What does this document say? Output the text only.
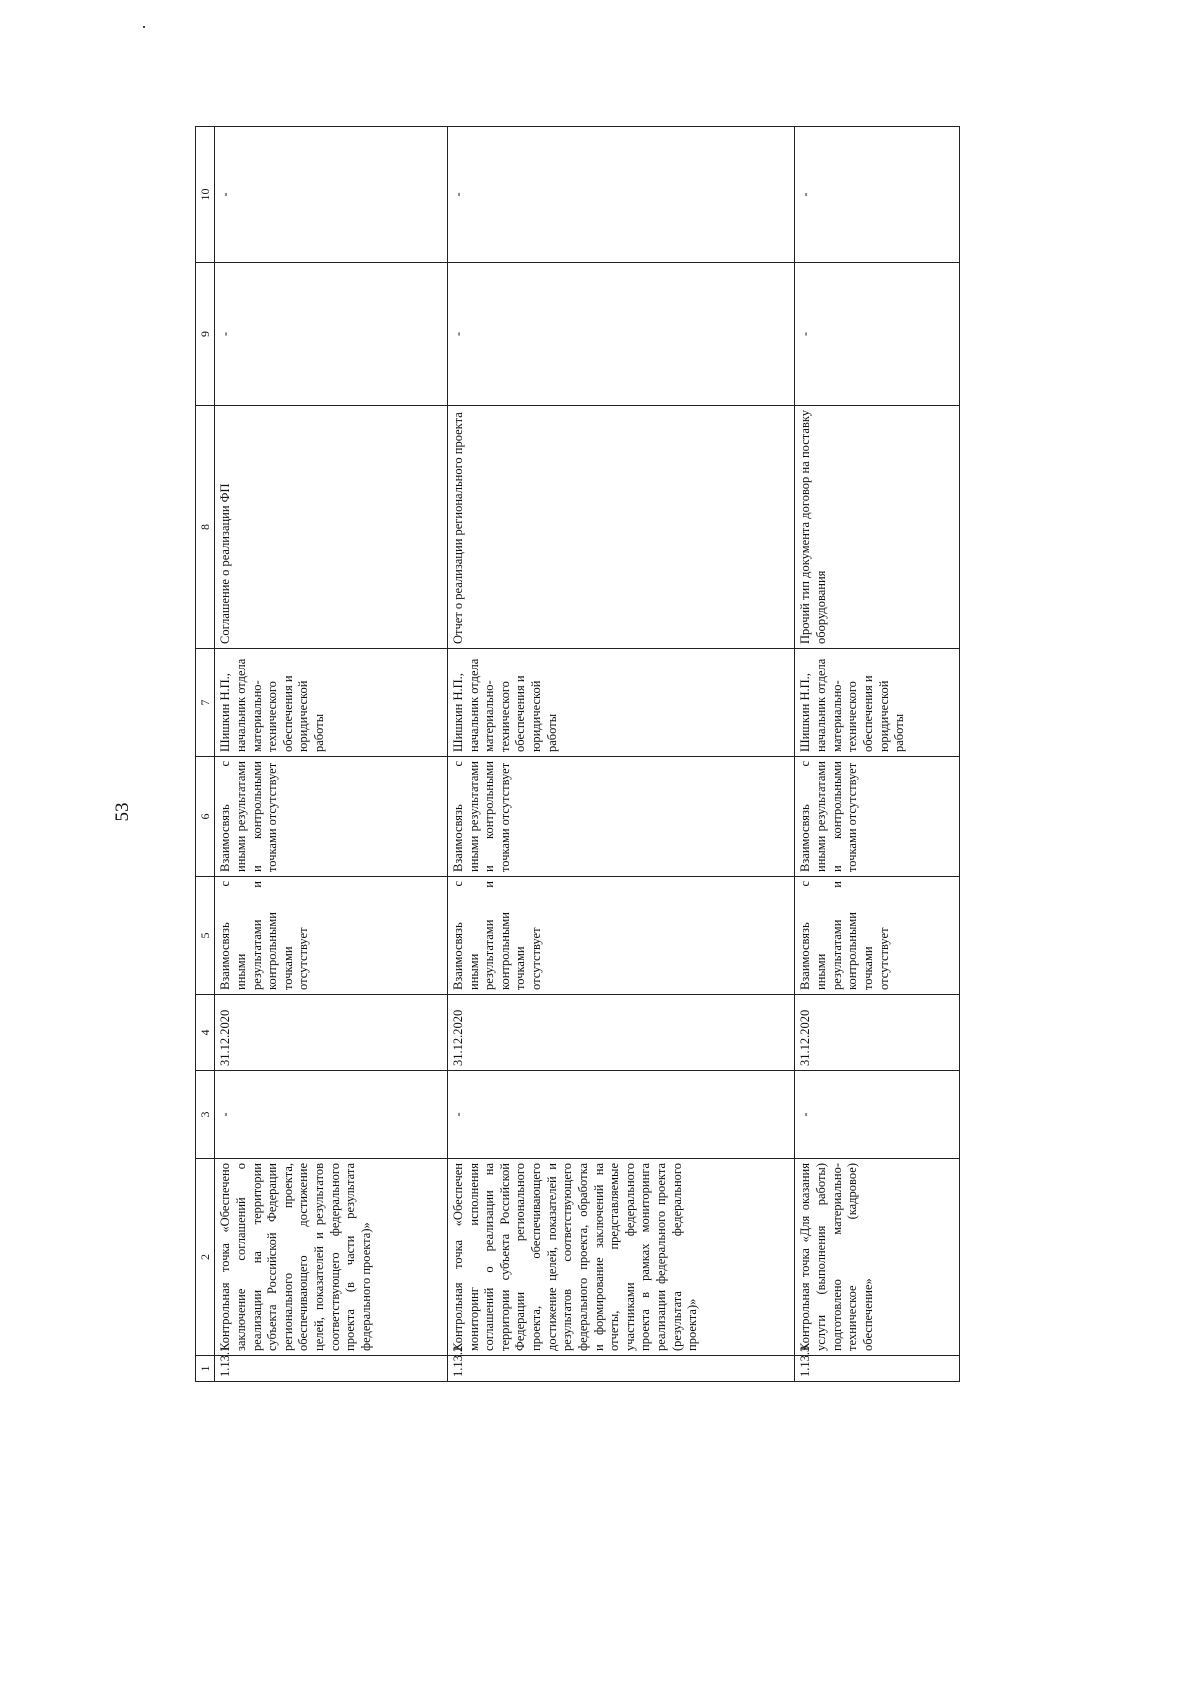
53
1	2	3	4	5	6	7	8	9	10
1.13.1	Контрольная точка «Обеспечено заключение соглашений о реализации на территории субъекта Российской Федерации регионального проекта, обеспечивающего достижение целей, показателей и результатов соответствующего федерального проекта (в части результата федерального проекта)»	-	31.12.2020	Взаимосвязь с иными результатами и контрольными точками отсутствует	Взаимосвязь с иными результатами и контрольными точками отсутствует	Шишкин Н.П., начальник отдела материально-технического обеспечения и юридической работы	Соглашение о реализации ФП	-	-
1.13.2	Контрольная точка «Обеспечен мониторинг исполнения соглашений о реализации на территории субъекта Российской Федерации регионального проекта, обеспечивающего достижение целей, показателей и результатов соответствующего федерального проекта, обработка и формирование заключений на отчеты, представляемые участниками федерального проекта в рамках мониторинга реализации федерального проекта (результата федерального проекта)»	-	31.12.2020	Взаимосвязь с иными результатами и контрольными точками отсутствует	Взаимосвязь с иными результатами и контрольными точками отсутствует	Шишкин Н.П., начальник отдела материально-технического обеспечения и юридической работы	Отчет о реализации регионального проекта	-	-
1.13.3	Контрольная точка «Для оказания услуги (выполнения работы) подготовлено материально-техническое (кадровое) обеспечение»	-	31.12.2020	Взаимосвязь с иными результатами и контрольными точками отсутствует	Взаимосвязь с иными результатами и контрольными точками отсутствует	Шишкин Н.П., начальник отдела материально-технического обеспечения и юридической работы	Прочий тип документа договор на поставку оборудования	-	-
